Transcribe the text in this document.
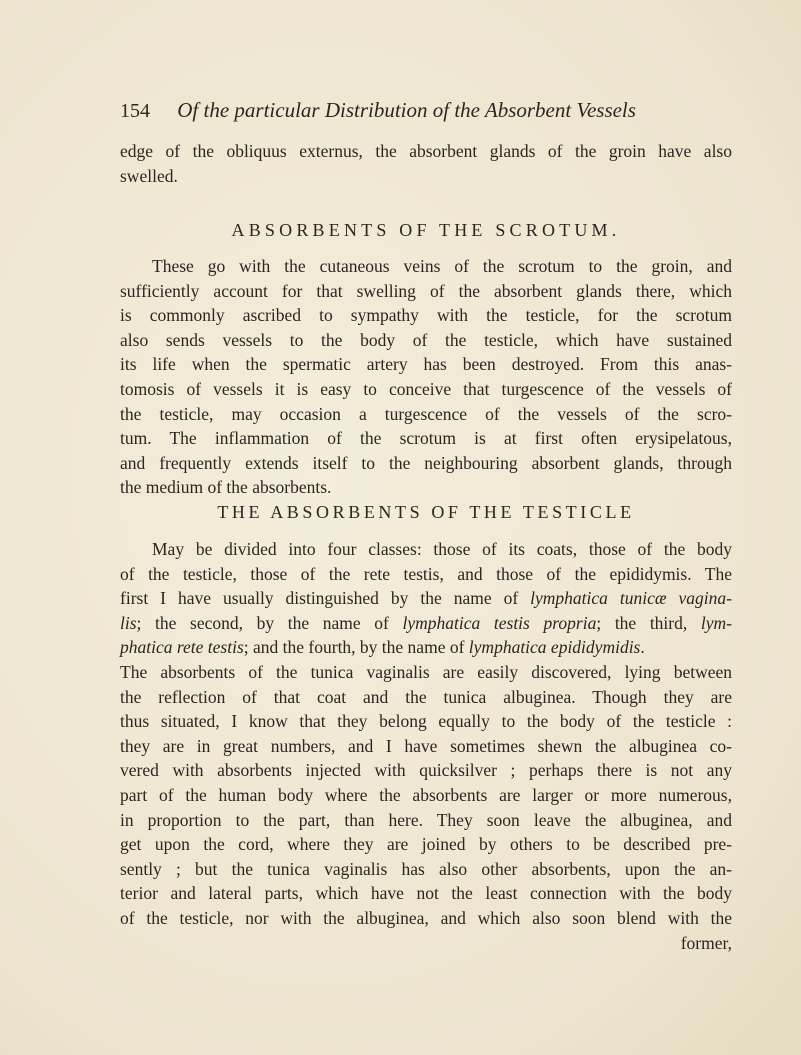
154 Of the particular Distribution of the Absorbent Vessels
edge of the obliquus externus, the absorbent glands of the groin have also
swelled.
ABSORBENTS OF THE SCROTUM.
These go with the cutaneous veins of the scrotum to the groin, and
sufficiently account for that swelling of the absorbent glands there, which
is commonly ascribed to sympathy with the testicle, for the scrotum
also sends vessels to the body of the testicle, which have sustained
its life when the spermatic artery has been destroyed. From this anas-
tomosis of vessels it is easy to conceive that turgescence of the vessels of
the testicle, may occasion a turgescence of the vessels of the scro-
tum. The inflammation of the scrotum is at first often erysipelatous,
and frequently extends itself to the neighbouring absorbent glands, through
the medium of the absorbents.
THE ABSORBENTS OF THE TESTICLE
May be divided into four classes: those of its coats, those of the body
of the testicle, those of the rete testis, and those of the epididymis. The
first I have usually distinguished by the name of lymphatica tunicæ vagina-
lis; the second, by the name of lymphatica testis propria; the third, lym-
phatica rete testis; and the fourth, by the name of lymphatica epididymidis.
The absorbents of the tunica vaginalis are easily discovered, lying between
the reflection of that coat and the tunica albuginea. Though they are
thus situated, I know that they belong equally to the body of the testicle :
they are in great numbers, and I have sometimes shewn the albuginea co-
vered with absorbents injected with quicksilver ; perhaps there is not any
part of the human body where the absorbents are larger or more numerous,
in proportion to the part, than here. They soon leave the albuginea, and
get upon the cord, where they are joined by others to be described pre-
sently ; but the tunica vaginalis has also other absorbents, upon the an-
terior and lateral parts, which have not the least connection with the body
of the testicle, nor with the albuginea, and which also soon blend with the
former,
